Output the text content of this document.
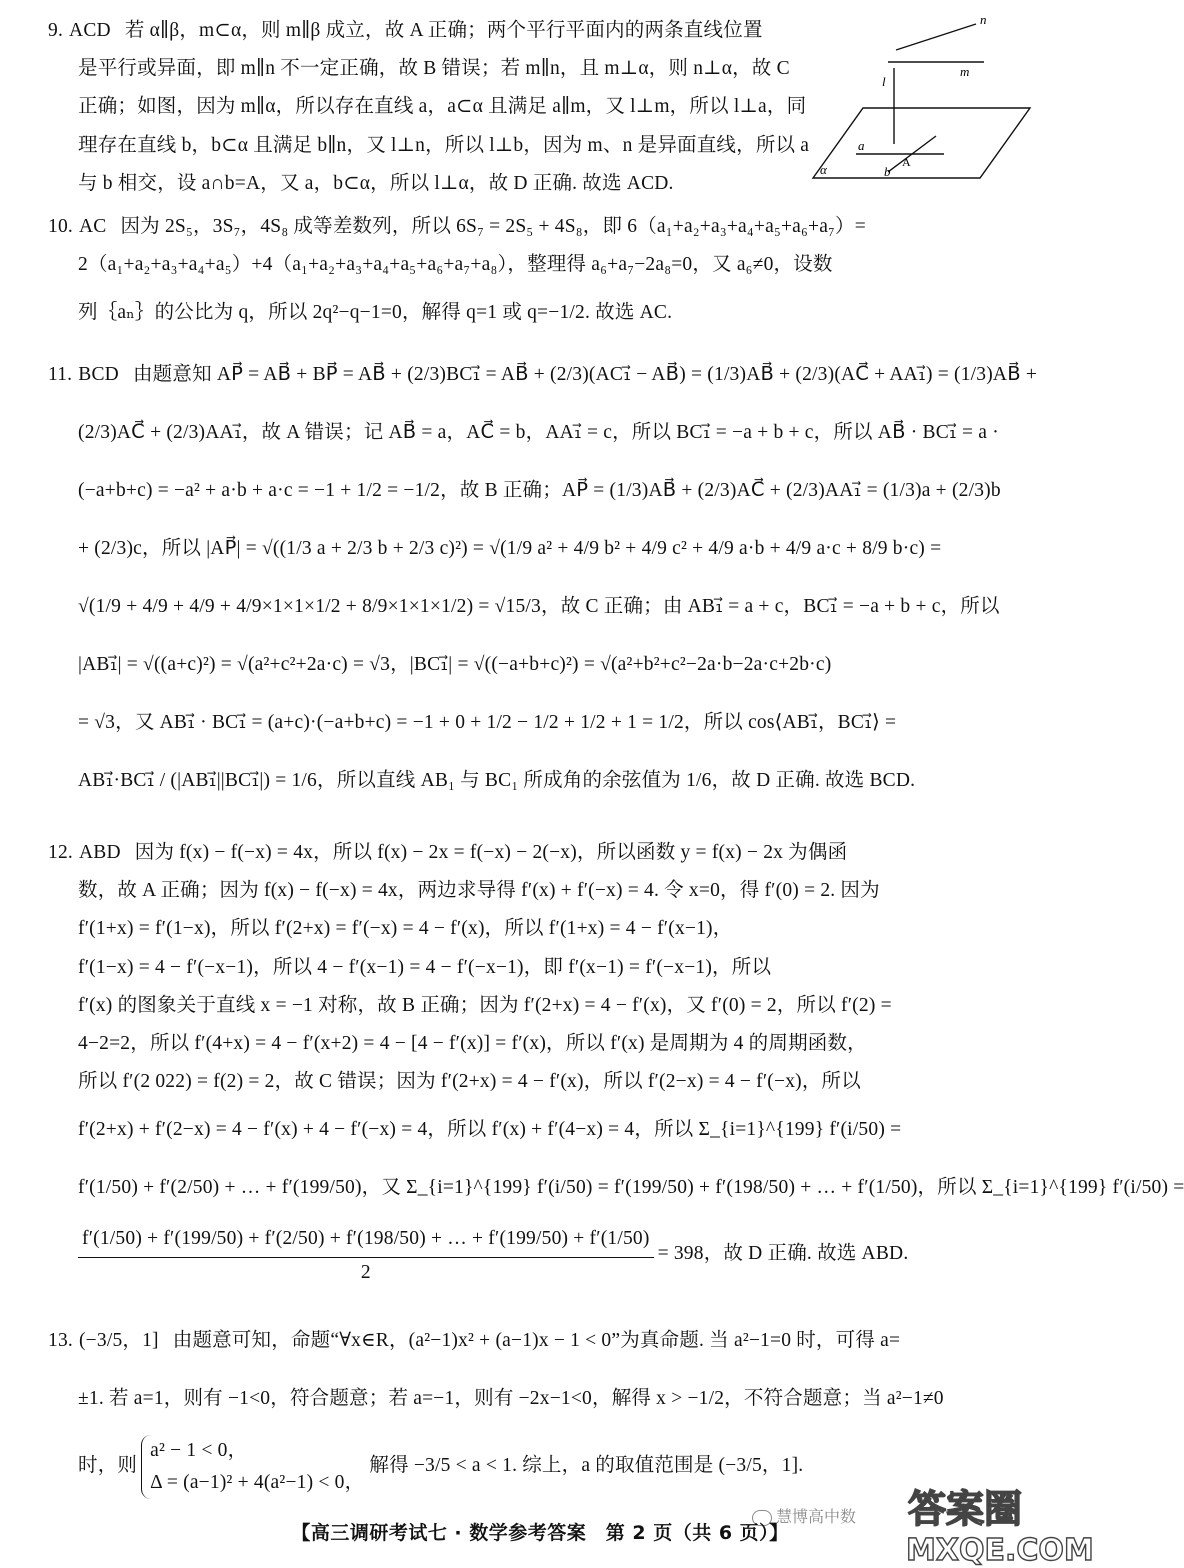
9. ACD 若 α∥β，m⊂α，则 m∥β 成立，故 A 正确；两个平行平面内的两条直线位置
是平行或异面，即 m∥n 不一定正确，故 B 错误；若 m∥n，且 m⊥α，则 n⊥α，故 C
正确；如图，因为 m∥α，所以存在直线 a，a⊂α 且满足 a∥m，又 l⊥m，所以 l⊥a，同
理存在直线 b，b⊂α 且满足 b∥n，又 l⊥n，所以 l⊥b，因为 m、n 是异面直线，所以 a
与 b 相交，设 a∩b=A，又 a，b⊂α，所以 l⊥α，故 D 正确. 故选 ACD.
n
m
l
a
b
A
α
10. AC 因为 2S₅，3S₇，4S₈ 成等差数列，所以 6S₇ = 2S₅ + 4S₈，即 6（a₁+a₂+a₃+a₄+a₅+a₆+a₇）=
2（a₁+a₂+a₃+a₄+a₅）+4（a₁+a₂+a₃+a₄+a₅+a₆+a₇+a₈），整理得 a₆+a₇−2a₈=0，又 a₆≠0，设数
列｛aₙ｝的公比为 q，所以 2q²−q−1=0，解得 q=1 或 q=−1/2. 故选 AC.
11. BCD 由题意知 AP⃗ = AB⃗ + BP⃗ = AB⃗ + (2/3)BC₁⃗ = AB⃗ + (2/3)(AC₁⃗ − AB⃗) = (1/3)AB⃗ + (2/3)(AC⃗ + AA₁⃗) = (1/3)AB⃗ +
(2/3)AC⃗ + (2/3)AA₁⃗，故 A 错误；记 AB⃗ = a，AC⃗ = b，AA₁⃗ = c，所以 BC₁⃗ = −a + b + c，所以 AB⃗ · BC₁⃗ = a ·
(−a+b+c) = −a² + a·b + a·c = −1 + 1/2 = −1/2，故 B 正确；AP⃗ = (1/3)AB⃗ + (2/3)AC⃗ + (2/3)AA₁⃗ = (1/3)a + (2/3)b
+ (2/3)c，所以 |AP⃗| = √((1/3 a + 2/3 b + 2/3 c)²) = √(1/9 a² + 4/9 b² + 4/9 c² + 4/9 a·b + 4/9 a·c + 8/9 b·c) =
√(1/9 + 4/9 + 4/9 + 4/9×1×1×1/2 + 8/9×1×1×1/2) = √15/3，故 C 正确；由 AB₁⃗ = a + c，BC₁⃗ = −a + b + c，所以
|AB₁⃗| = √((a+c)²) = √(a²+c²+2a·c) = √3，|BC₁⃗| = √((−a+b+c)²) = √(a²+b²+c²−2a·b−2a·c+2b·c)
= √3，又 AB₁⃗ · BC₁⃗ = (a+c)·(−a+b+c) = −1 + 0 + 1/2 − 1/2 + 1/2 + 1 = 1/2，所以 cos⟨AB₁⃗，BC₁⃗⟩ =
AB₁⃗·BC₁⃗ / (|AB₁⃗||BC₁⃗|) = 1/6，所以直线 AB₁ 与 BC₁ 所成角的余弦值为 1/6，故 D 正确. 故选 BCD.
12. ABD 因为 f(x) − f(−x) = 4x，所以 f(x) − 2x = f(−x) − 2(−x)，所以函数 y = f(x) − 2x 为偶函
数，故 A 正确；因为 f(x) − f(−x) = 4x，两边求导得 f′(x) + f′(−x) = 4. 令 x=0，得 f′(0) = 2. 因为
f′(1+x) = f′(1−x)，所以 f′(2+x) = f′(−x) = 4 − f′(x)，所以 f′(1+x) = 4 − f′(x−1)，
f′(1−x) = 4 − f′(−x−1)，所以 4 − f′(x−1) = 4 − f′(−x−1)，即 f′(x−1) = f′(−x−1)，所以
f′(x) 的图象关于直线 x = −1 对称，故 B 正确；因为 f′(2+x) = 4 − f′(x)，又 f′(0) = 2，所以 f′(2) =
4−2=2，所以 f′(4+x) = 4 − f′(x+2) = 4 − [4 − f′(x)] = f′(x)，所以 f′(x) 是周期为 4 的周期函数，
所以 f′(2 022) = f(2) = 2，故 C 错误；因为 f′(2+x) = 4 − f′(x)，所以 f′(2−x) = 4 − f′(−x)，所以
f′(2+x) + f′(2−x) = 4 − f′(x) + 4 − f′(−x) = 4，所以 f′(x) + f′(4−x) = 4，所以 Σ_{i=1}^{199} f′(i/50) =
f′(1/50) + f′(2/50) + … + f′(199/50)，又 Σ_{i=1}^{199} f′(i/50) = f′(199/50) + f′(198/50) + … + f′(1/50)，所以 Σ_{i=1}^{199} f′(i/50) =
f′(1/50) + f′(199/50) + f′(2/50) + f′(198/50) + … + f′(199/50) + f′(1/50)
2
= 398，故 D 正确. 故选 ABD.
13. (−3/5，1] 由题意可知，命题“∀x∈R，(a²−1)x² + (a−1)x − 1 < 0”为真命题. 当 a²−1=0 时，可得 a=
±1. 若 a=1，则有 −1<0，符合题意；若 a=−1，则有 −2x−1<0，解得 x > −1/2，不符合题意；当 a²−1≠0
时，则
a² − 1 < 0，
Δ = (a−1)² + 4(a²−1) < 0，
解得 −3/5 < a < 1. 综上，a 的取值范围是 (−3/5，1].
慧博高中数
【高三调研考试七 · 数学参考答案　第 2 页（共 6 页）】
答案圈
MXQE.COM
